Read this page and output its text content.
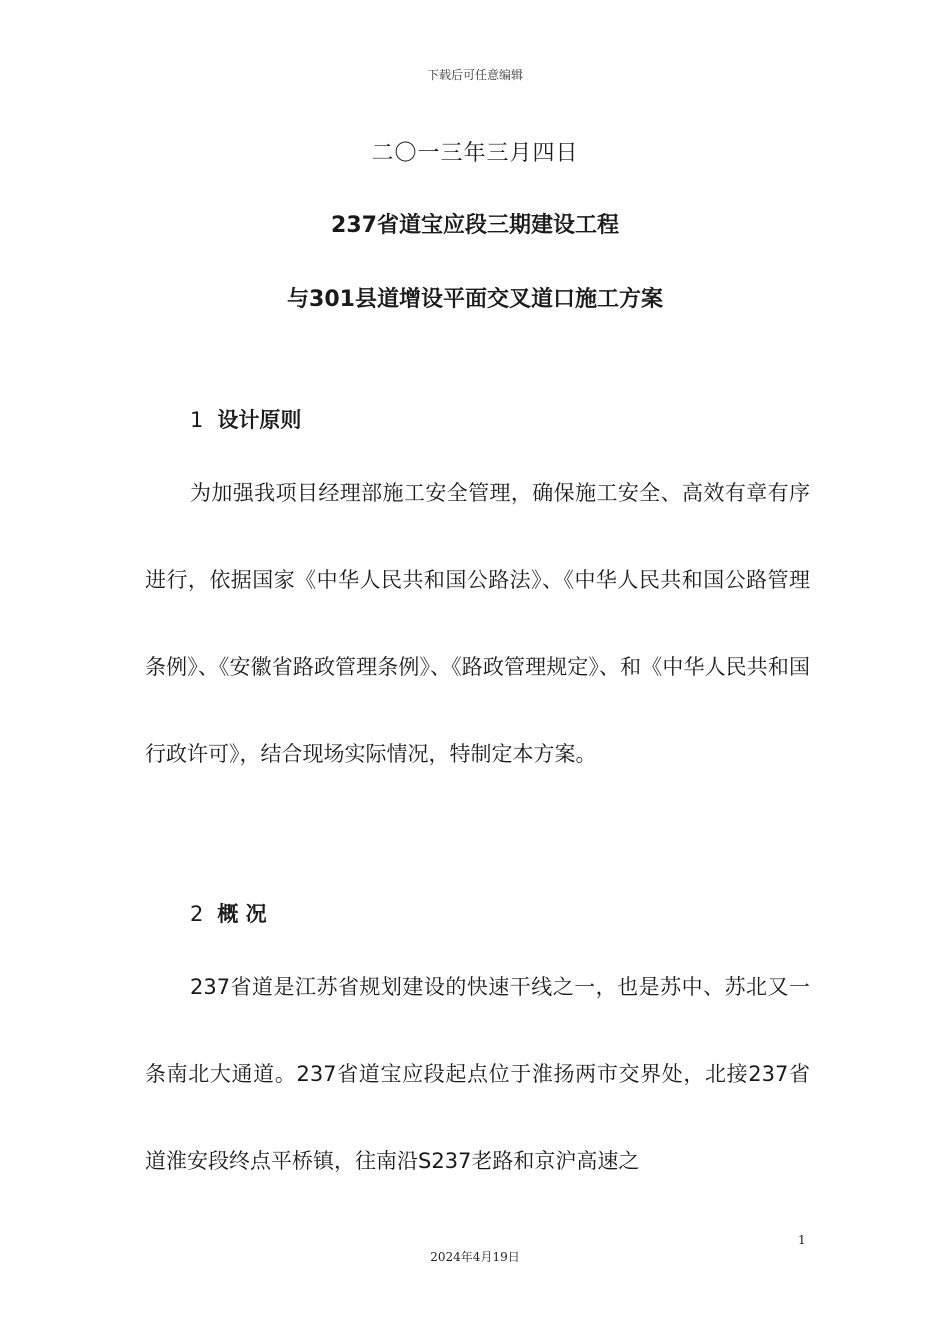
下载后可任意编辑
二〇一三年三月四日
237省道宝应段三期建设工程
与301县道增设平面交叉道口施工方案
1 设计原则

为加强我项目经理部施工安全管理，确保施工安全、高效有章有序进行，依据国家《中华人民共和国公路法》、《中华人民共和国公路管理条例》、《安徽省路政管理条例》、《路政管理规定》、和《中华人民共和国行政许可》，结合现场实际情况，特制定本方案。

2 概 况

237省道是江苏省规划建设的快速干线之一，也是苏中、苏北又一条南北大通道。237省道宝应段起点位于淮扬两市交界处，北接237省道淮安段终点平桥镇，往南沿S237老路和京沪高速之

1
2024年4月19日
